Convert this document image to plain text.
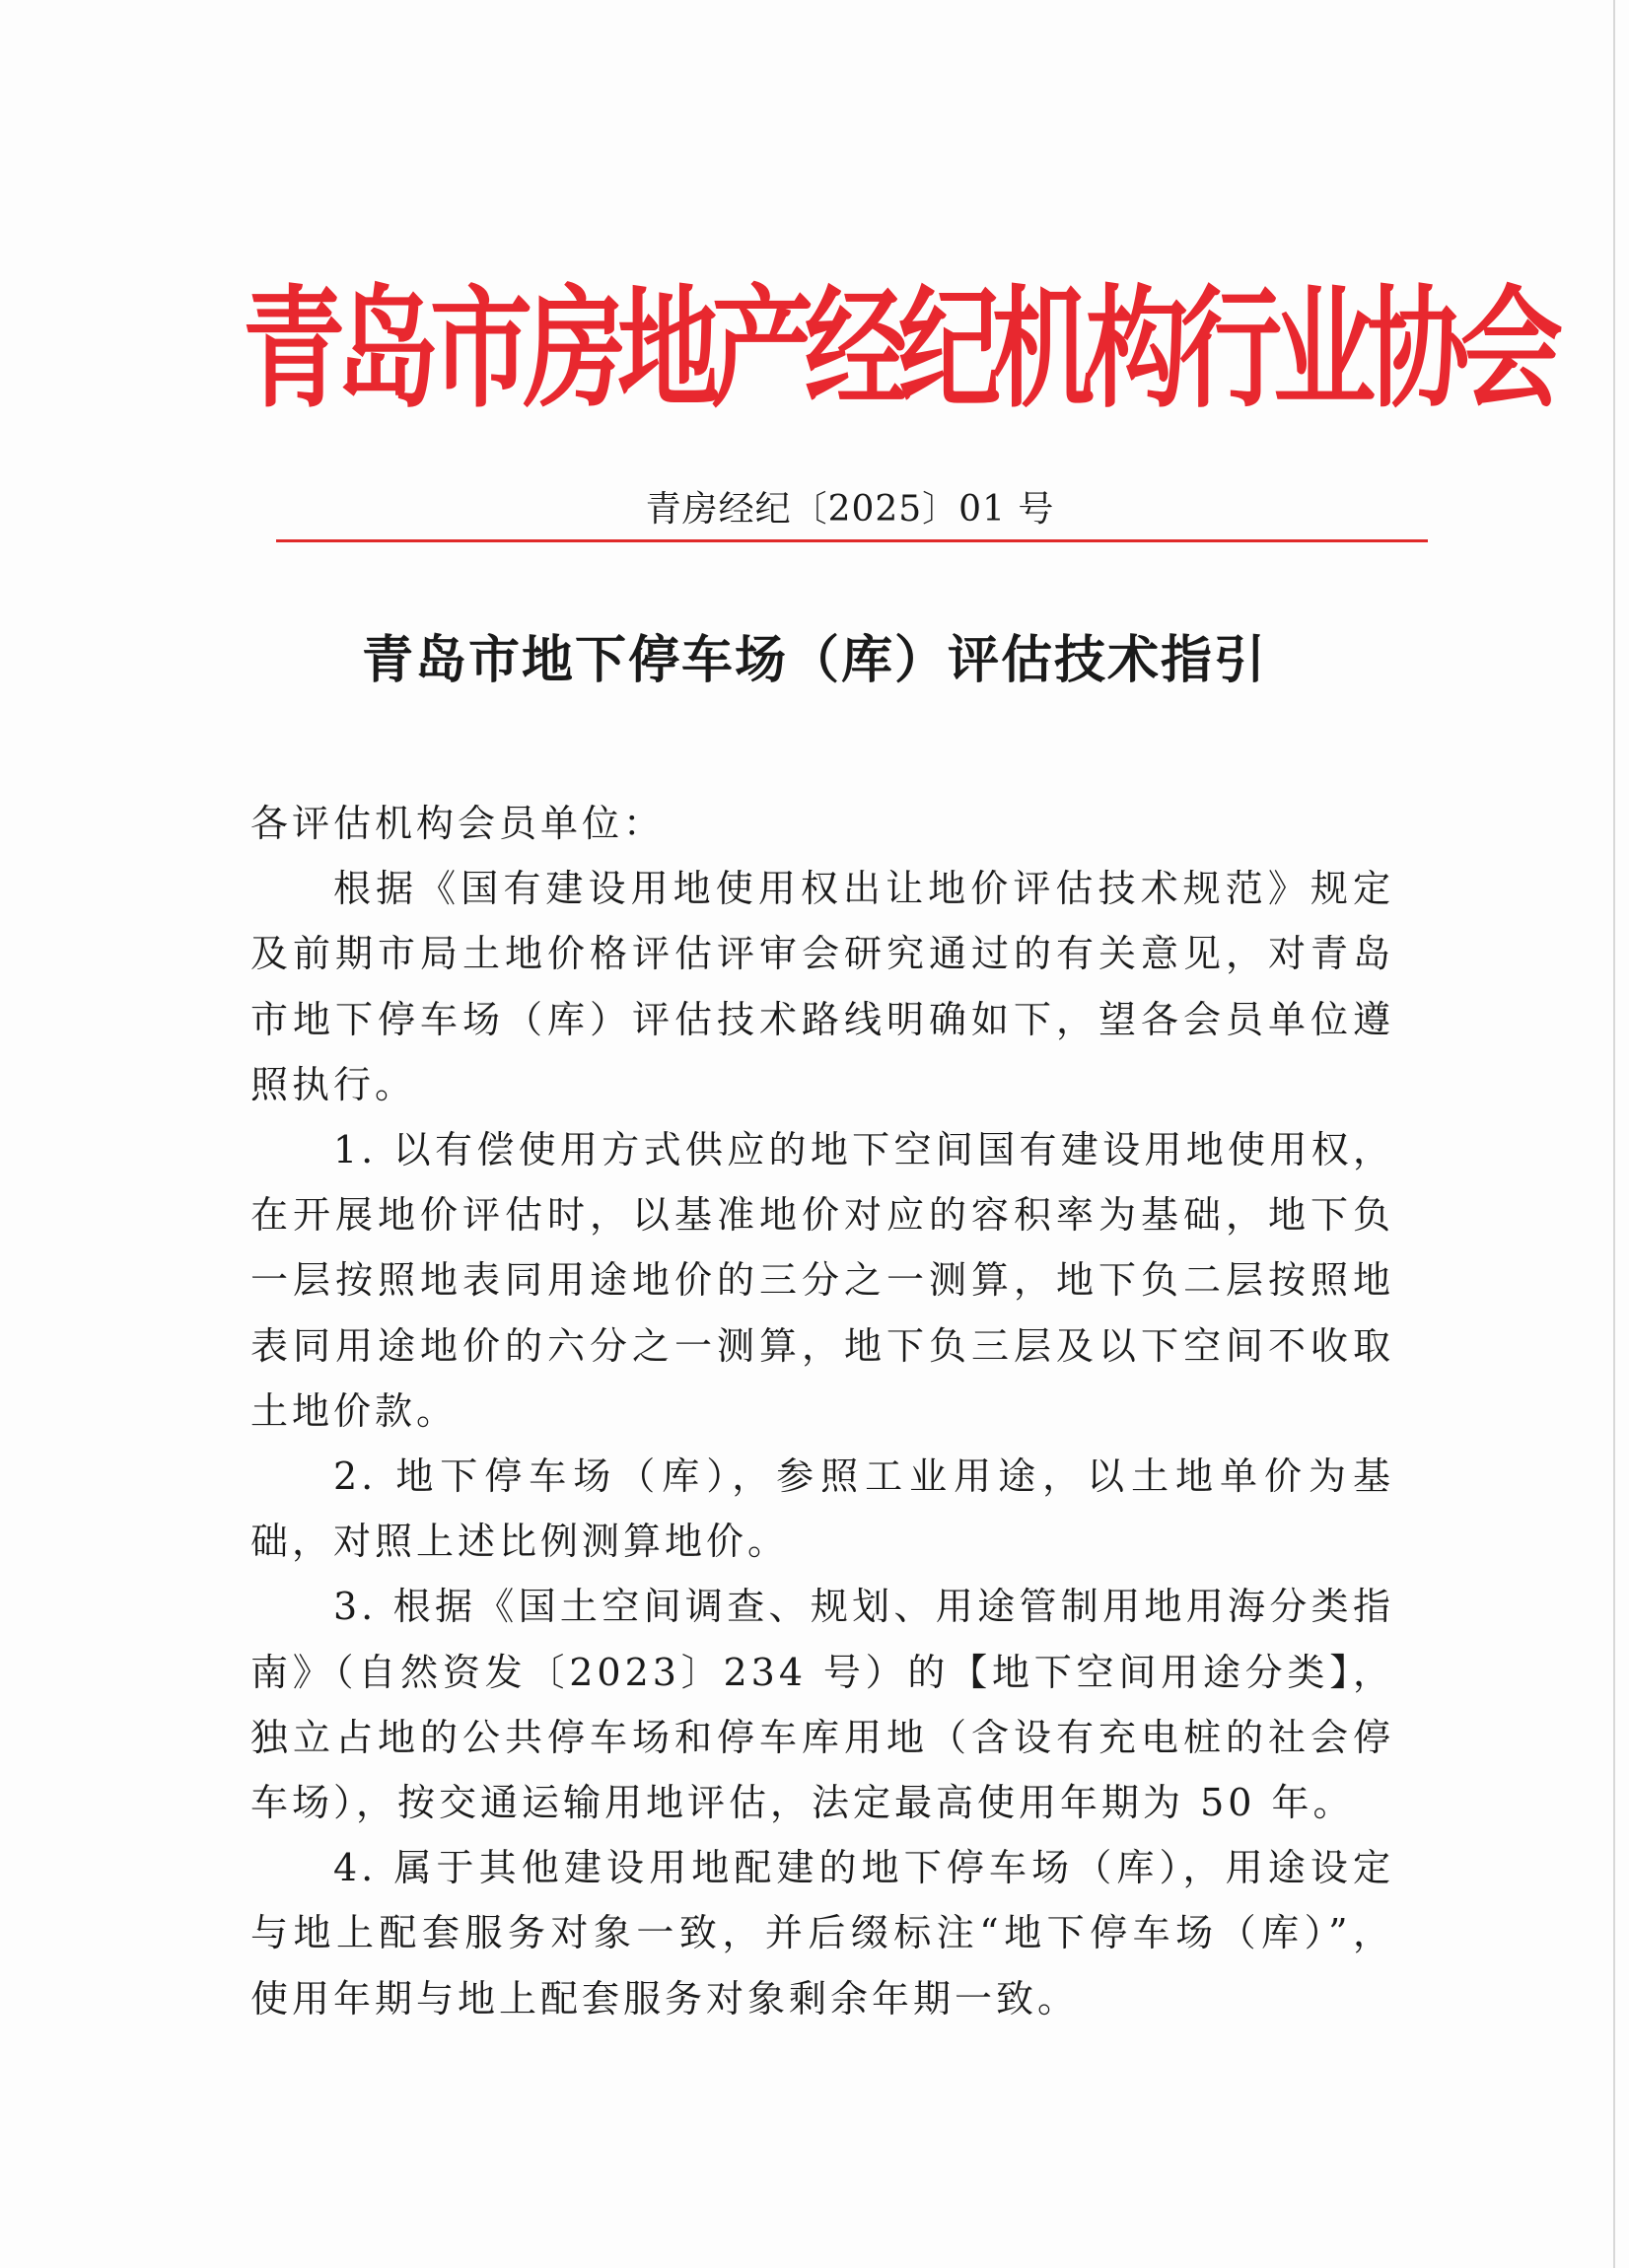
青岛市房地产经纪机构行业协会
青房经纪〔2025〕01 号
青岛市地下停车场（库）评估技术指引

各评估机构会员单位：

根据《国有建设用地使用权出让地价评估技术规范》规定及前期市局土地价格评估评审会研究通过的有关意见，对青岛市地下停车场（库）评估技术路线明确如下，望各会员单位遵照执行。

1. 以有偿使用方式供应的地下空间国有建设用地使用权，在开展地价评估时，以基准地价对应的容积率为基础，地下负一层按照地表同用途地价的三分之一测算，地下负二层按照地表同用途地价的六分之一测算，地下负三层及以下空间不收取土地价款。

2. 地下停车场（库），参照工业用途，以土地单价为基础，对照上述比例测算地价。

3. 根据《国土空间调查、规划、用途管制用地用海分类指南》（自然资发〔2023〕234 号）的【地下空间用途分类】，独立占地的公共停车场和停车库用地（含设有充电桩的社会停车场），按交通运输用地评估，法定最高使用年期为 50 年。

4. 属于其他建设用地配建的地下停车场（库），用途设定与地上配套服务对象一致，并后缀标注“地下停车场（库）”，使用年期与地上配套服务对象剩余年期一致。
